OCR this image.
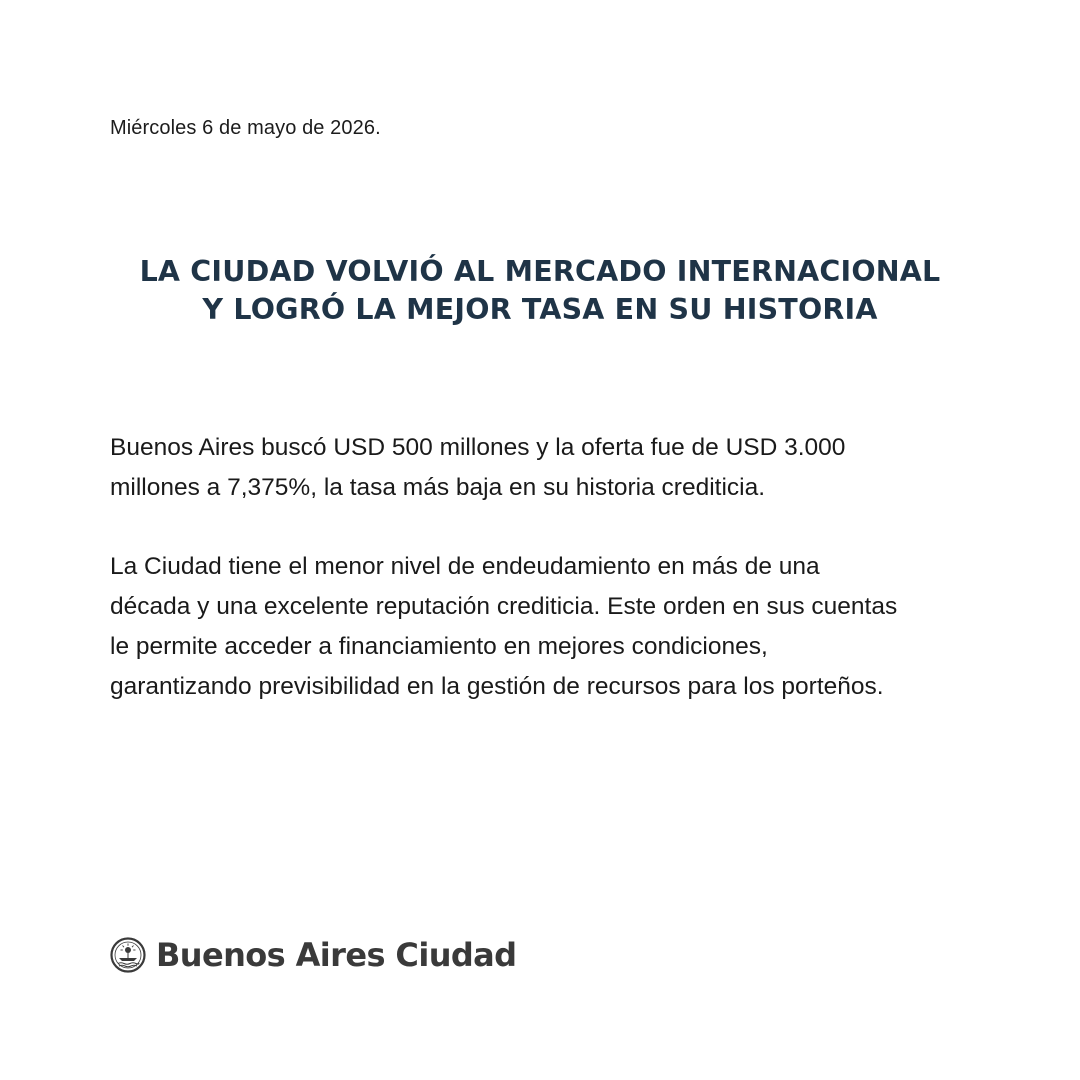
Miércoles 6 de mayo de 2026.
LA CIUDAD VOLVIÓ AL MERCADO INTERNACIONAL
Y LOGRÓ LA MEJOR TASA EN SU HISTORIA
Buenos Aires buscó USD 500 millones y la oferta fue de USD 3.000
millones a 7,375%, la tasa más baja en su historia crediticia.
La Ciudad tiene el menor nivel de endeudamiento en más de una
década y una excelente reputación crediticia. Este orden en sus cuentas
le permite acceder a financiamiento en mejores condiciones,
garantizando previsibilidad en la gestión de recursos para los porteños.
Buenos Aires Ciudad
